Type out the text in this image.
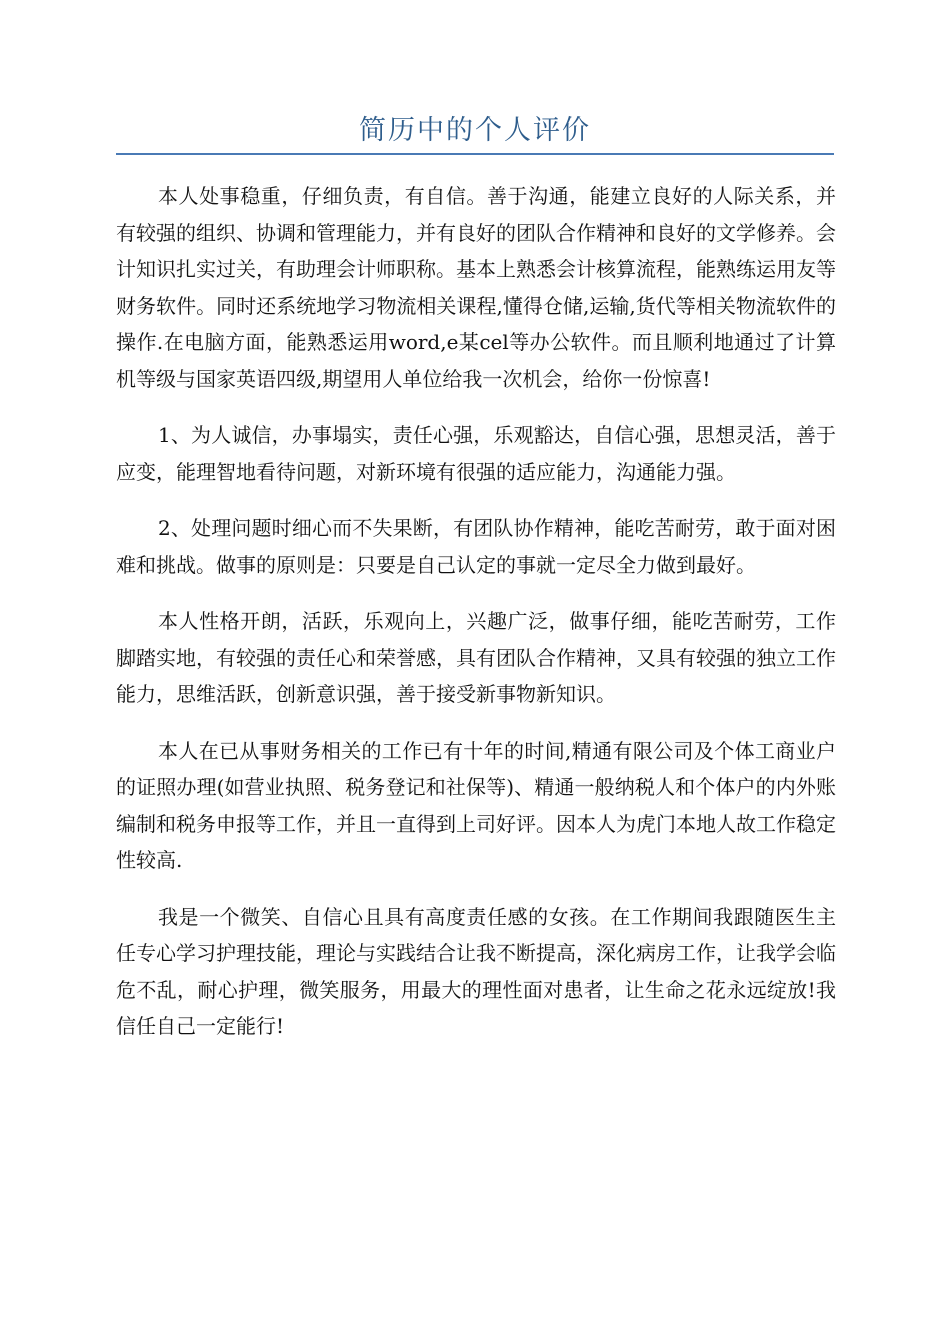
简历中的个人评价

本人处事稳重，仔细负责，有自信。善于沟通，能建立良好的人际关系，并有较强的组织、协调和管理能力，并有良好的团队合作精神和良好的文学修养。会计知识扎实过关，有助理会计师职称。基本上熟悉会计核算流程，能熟练运用友等财务软件。同时还系统地学习物流相关课程,懂得仓储,运输,货代等相关物流软件的操作.在电脑方面，能熟悉运用word,e某cel等办公软件。而且顺利地通过了计算机等级与国家英语四级,期望用人单位给我一次机会，给你一份惊喜!

1、为人诚信，办事塌实，责任心强，乐观豁达，自信心强，思想灵活，善于应变，能理智地看待问题，对新环境有很强的适应能力，沟通能力强。

2、处理问题时细心而不失果断，有团队协作精神，能吃苦耐劳，敢于面对困难和挑战。做事的原则是：只要是自己认定的事就一定尽全力做到最好。

本人性格开朗，活跃，乐观向上，兴趣广泛，做事仔细，能吃苦耐劳，工作脚踏实地，有较强的责任心和荣誉感，具有团队合作精神，又具有较强的独立工作能力，思维活跃，创新意识强，善于接受新事物新知识。

本人在已从事财务相关的工作已有十年的时间,精通有限公司及个体工商业户的证照办理(如营业执照、税务登记和社保等)、精通一般纳税人和个体户的内外账编制和税务申报等工作，并且一直得到上司好评。因本人为虎门本地人故工作稳定性较高.

我是一个微笑、自信心且具有高度责任感的女孩。在工作期间我跟随医生主任专心学习护理技能，理论与实践结合让我不断提高，深化病房工作，让我学会临危不乱，耐心护理，微笑服务，用最大的理性面对患者，让生命之花永远绽放!我信任自己一定能行!
